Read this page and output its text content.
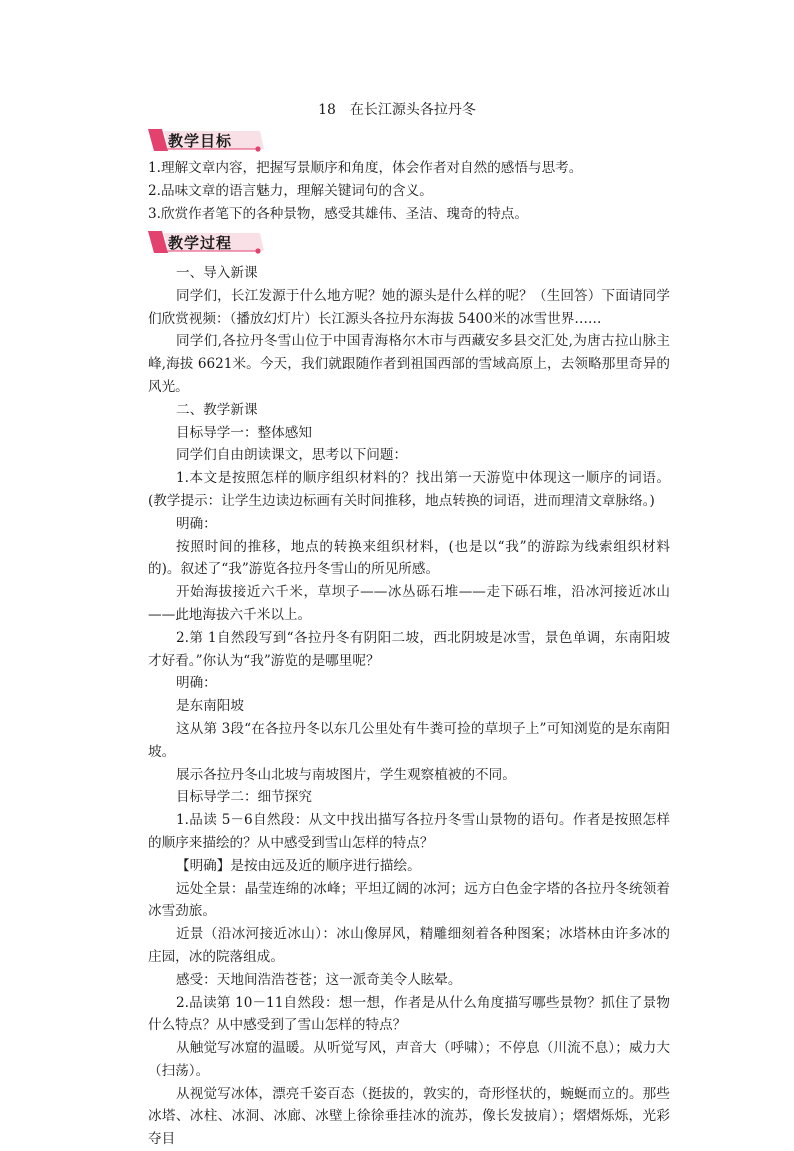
18　在长江源头各拉丹冬
教学目标

1.理解文章内容，把握写景顺序和角度，体会作者对自然的感悟与思考。

2.品味文章的语言魅力，理解关键词句的含义。

3.欣赏作者笔下的各种景物，感受其雄伟、圣洁、瑰奇的特点。

教学过程

一、导入新课

同学们，长江发源于什么地方呢？她的源头是什么样的呢？（生回答）下面请同学们欣赏视频：（播放幻灯片）长江源头各拉丹东海拔 5400米的冰雪世界……

同学们,各拉丹冬雪山位于中国青海格尔木市与西藏安多县交汇处,为唐古拉山脉主峰,海拔 6621米。今天，我们就跟随作者到祖国西部的雪域高原上，去领略那里奇异的风光。

二、教学新课

目标导学一：整体感知

同学们自由朗读课文，思考以下问题：

1.本文是按照怎样的顺序组织材料的？找出第一天游览中体现这一顺序的词语。(教学提示：让学生边读边标画有关时间推移，地点转换的词语，进而理清文章脉络。)

明确：

按照时间的推移，地点的转换来组织材料，(也是以“我”的游踪为线索组织材料的)。叙述了“我”游览各拉丹冬雪山的所见所感。

开始海拔接近六千米，草坝子——冰丛砾石堆——走下砾石堆，沿冰河接近冰山——此地海拔六千米以上。

2.第 1自然段写到“各拉丹冬有阴阳二坡，西北阴坡是冰雪，景色单调，东南阳坡才好看。”你认为“我”游览的是哪里呢？

明确：

是东南阳坡

这从第 3段“在各拉丹冬以东几公里处有牛粪可捡的草坝子上”可知浏览的是东南阳坡。

展示各拉丹冬山北坡与南坡图片，学生观察植被的不同。

目标导学二：细节探究

1.品读 5－6自然段：从文中找出描写各拉丹冬雪山景物的语句。作者是按照怎样的顺序来描绘的？从中感受到雪山怎样的特点？

【明确】是按由远及近的顺序进行描绘。

远处全景：晶莹连绵的冰峰；平坦辽阔的冰河；远方白色金字塔的各拉丹冬统领着冰雪劲旅。

近景（沿冰河接近冰山）：冰山像屏风，精雕细刻着各种图案；冰塔林由许多冰的庄园，冰的院落组成。

感受：天地间浩浩苍苍；这一派奇美令人眩晕。

2.品读第 10－11自然段：想一想，作者是从什么角度描写哪些景物？抓住了景物什么特点？从中感受到了雪山怎样的特点？

从触觉写冰窟的温暖。从听觉写风，声音大（呼啸）；不停息（川流不息）；威力大（扫荡）。

从视觉写冰体，漂亮千姿百态（挺拔的，敦实的，奇形怪状的，蜿蜒而立的。那些冰塔、冰柱、冰洞、冰廊、冰壁上徐徐垂挂冰的流苏，像长发披肩）；熠熠烁烁，光彩夺目
